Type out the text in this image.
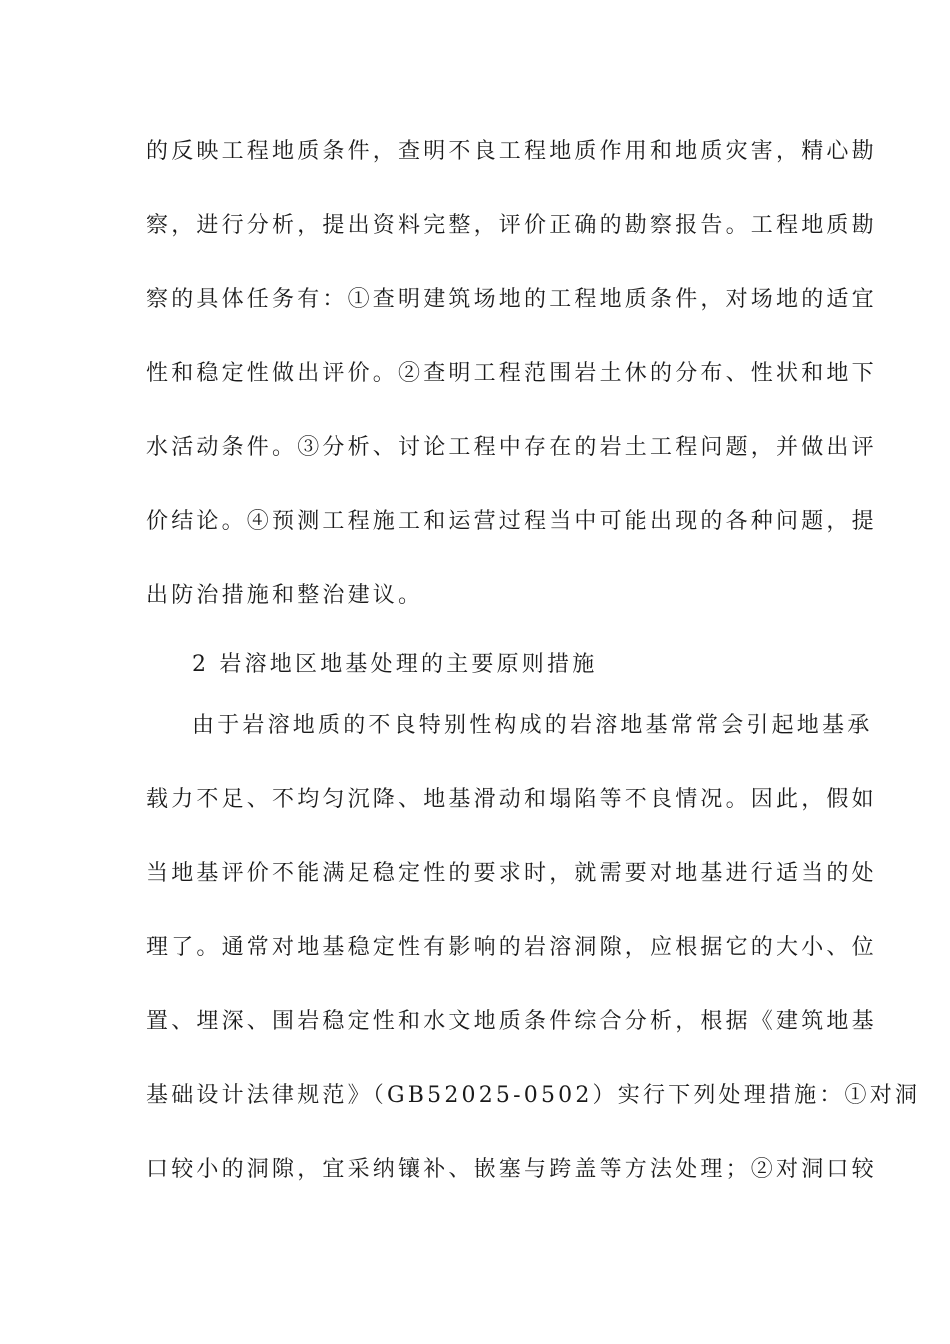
的反映工程地质条件，查明不良工程地质作用和地质灾害，精心勘
察，进行分析，提出资料完整，评价正确的勘察报告。工程地质勘
察的具体任务有：①查明建筑场地的工程地质条件，对场地的适宜
性和稳定性做出评价。②查明工程范围岩土休的分布、性状和地下
水活动条件。③分析、讨论工程中存在的岩土工程问题，并做出评
价结论。④预测工程施工和运营过程当中可能出现的各种问题，提
出防治措施和整治建议。
2 岩溶地区地基处理的主要原则措施
由于岩溶地质的不良特别性构成的岩溶地基常常会引起地基承
载力不足、不均匀沉降、地基滑动和塌陷等不良情况。因此，假如
当地基评价不能满足稳定性的要求时，就需要对地基进行适当的处
理了。通常对地基稳定性有影响的岩溶洞隙，应根据它的大小、位
置、埋深、围岩稳定性和水文地质条件综合分析，根据《建筑地基
基础设计法律规范》（GB52025-0502）实行下列处理措施：①对洞
口较小的洞隙，宜采纳镶补、嵌塞与跨盖等方法处理；②对洞口较
